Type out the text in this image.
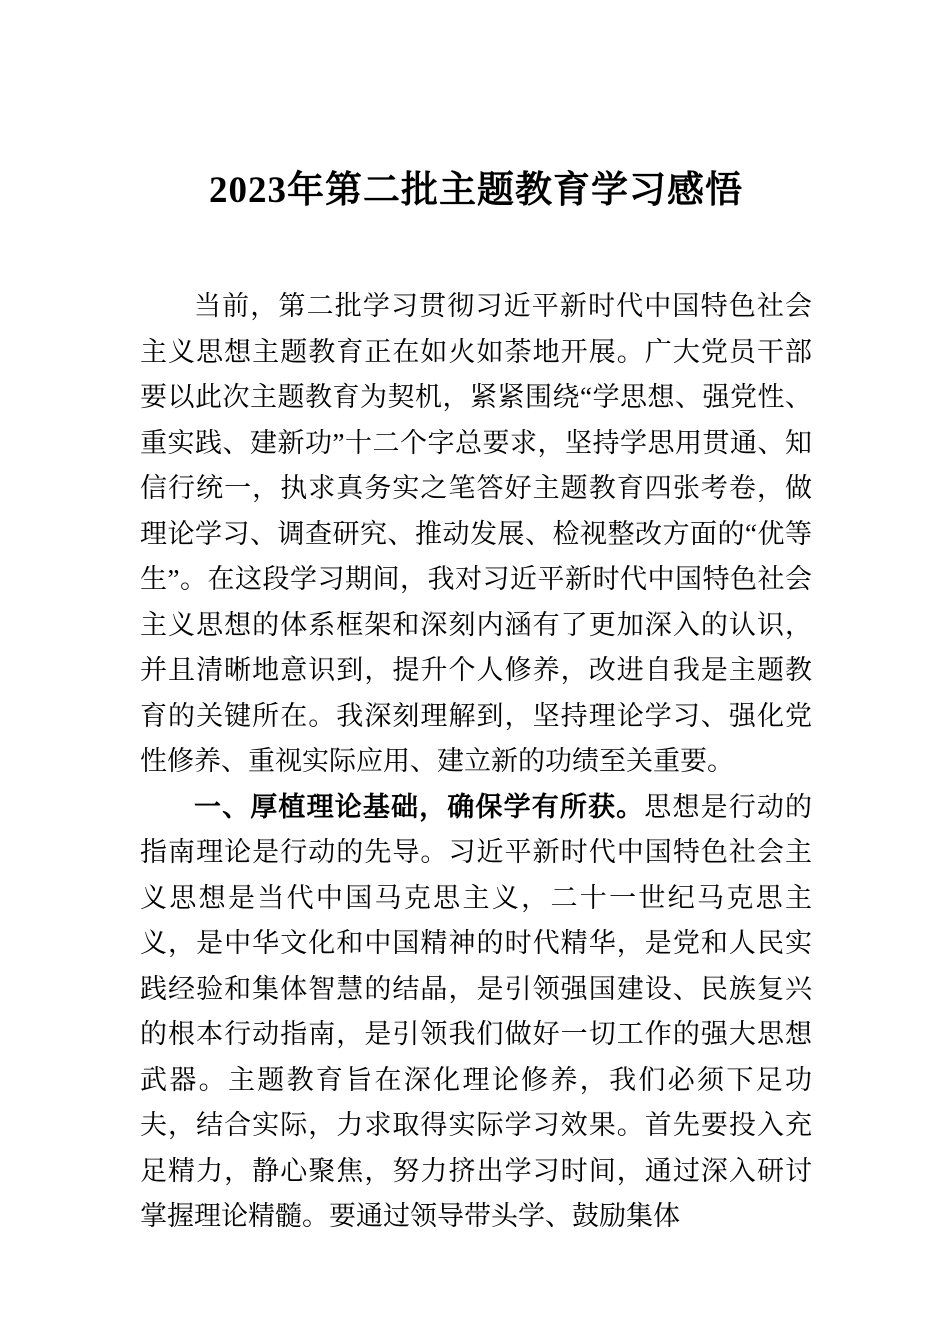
2023年第二批主题教育学习感悟

当前，第二批学习贯彻习近平新时代中国特色社会主义思想主题教育正在如火如荼地开展。广大党员干部要以此次主题教育为契机，紧紧围绕“学思想、强党性、重实践、建新功”十二个字总要求，坚持学思用贯通、知信行统一，执求真务实之笔答好主题教育四张考卷，做理论学习、调查研究、推动发展、检视整改方面的“优等生”。在这段学习期间，我对习近平新时代中国特色社会主义思想的体系框架和深刻内涵有了更加深入的认识，并且清晰地意识到，提升个人修养，改进自我是主题教育的关键所在。我深刻理解到，坚持理论学习、强化党性修养、重视实际应用、建立新的功绩至关重要。

一、厚植理论基础，确保学有所获。思想是行动的指南理论是行动的先导。习近平新时代中国特色社会主义思想是当代中国马克思主义，二十一世纪马克思主义，是中华文化和中国精神的时代精华，是党和人民实践经验和集体智慧的结晶，是引领强国建设、民族复兴的根本行动指南，是引领我们做好一切工作的强大思想武器。主题教育旨在深化理论修养，我们必须下足功夫，结合实际，力求取得实际学习效果。首先要投入充足精力，静心聚焦，努力挤出学习时间，通过深入研讨掌握理论精髓。要通过领导带头学、鼓励集体
